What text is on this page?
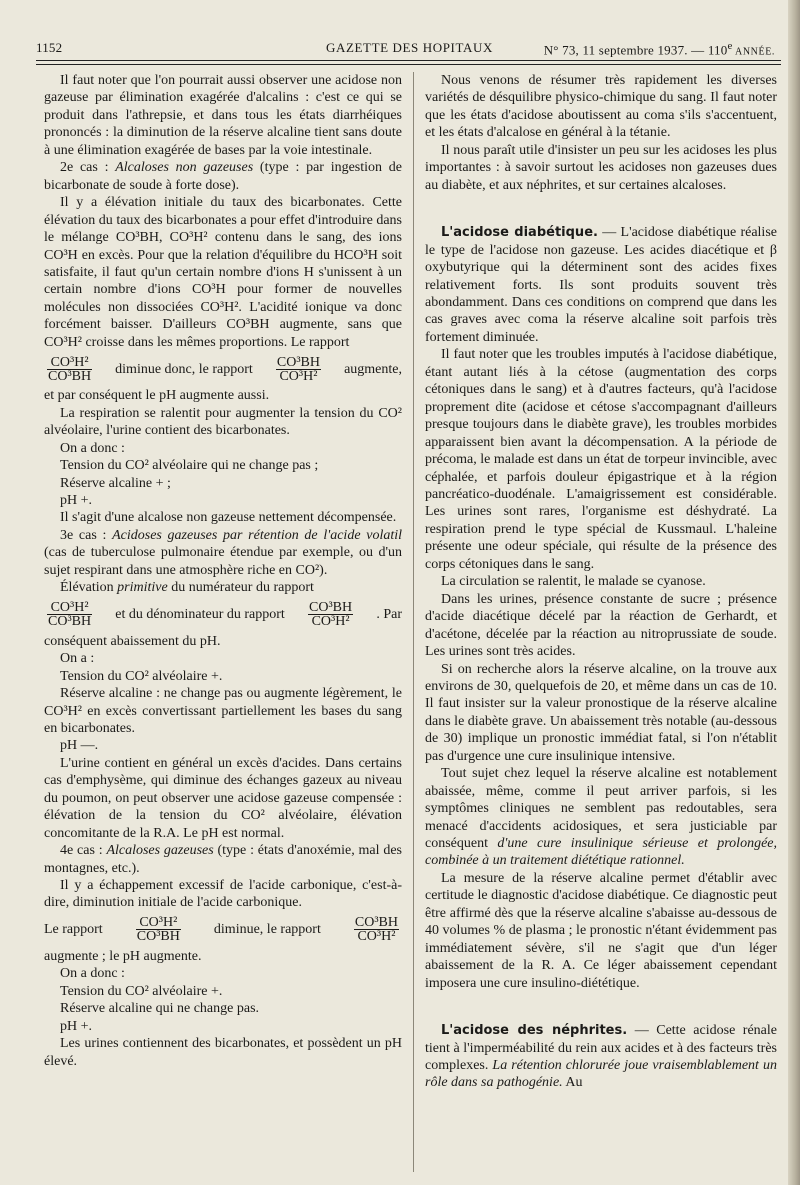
1152	GAZETTE DES HOPITAUX	N° 73, 11 septembre 1937. — 110e ANNÉE.

Il faut noter que l'on pourrait aussi observer une acidose non gazeuse par élimination exagérée d'alcalins : c'est ce qui se produit dans l'athrepsie, et dans tous les états diarrhéiques prononcés : la diminution de la réserve alcaline tient sans doute à une élimination exagérée de bases par la voie intestinale.

2e cas : Alcaloses non gazeuses (type : par ingestion de bicarbonate de soude à forte dose).

Il y a élévation initiale du taux des bicarbonates. Cette élévation du taux des bicarbonates a pour effet d'introduire dans le mélange CO³BH, CO³H² contenu dans le sang, des ions CO³H en excès. Pour que la relation d'équilibre du HCO³H soit satisfaite, il faut qu'un certain nombre d'ions H s'unissent à un certain nombre d'ions CO³H pour former de nouvelles molécules non dissociées CO³H². L'acidité ionique va donc forcément baisser. D'ailleurs CO³BH augmente, sans que CO³H² croisse dans les mêmes proportions. Le rapport

$\frac{\text{CO³H²}}{\text{CO³BH}}$ diminue donc, le rapport $\frac{\text{CO³BH}}{\text{CO³H²}}$ augmente,

et par conséquent le pH augmente aussi.

La respiration se ralentit pour augmenter la tension du CO² alvéolaire, l'urine contient des bicarbonates.

On a donc :

Tension du CO² alvéolaire qui ne change pas ;

Réserve alcaline + ;

pH +.

Il s'agit d'une alcalose non gazeuse nettement décompensée.

3e cas : Acidoses gazeuses par rétention de l'acide volatil (cas de tuberculose pulmonaire étendue par exemple, ou d'un sujet respirant dans une atmosphère riche en CO²).

Élévation primitive du numérateur du rapport

$\frac{\text{CO³H²}}{\text{CO³BH}}$ et du dénominateur du rapport $\frac{\text{CO³BH}}{\text{CO³H²}}$ . Par

conséquent abaissement du pH.

On a :

Tension du CO² alvéolaire +.

Réserve alcaline : ne change pas ou augmente légèrement, le CO³H² en excès convertissant partiellement les bases du sang en bicarbonates.

pH —.

L'urine contient en général un excès d'acides. Dans certains cas d'emphysème, qui diminue des échanges gazeux au niveau du poumon, on peut observer une acidose gazeuse compensée : élévation de la tension du CO² alvéolaire, élévation concomitante de la R.A. Le pH est normal.

4e cas : Alcaloses gazeuses (type : états d'anoxémie, mal des montagnes, etc.).

Il y a échappement excessif de l'acide carbonique, c'est-à-dire, diminution initiale de l'acide carbonique.

Le rapport $\frac{\text{CO³H²}}{\text{CO³BH}}$ diminue, le rapport $\frac{\text{CO³BH}}{\text{CO³H²}}$

augmente ; le pH augmente.

On a donc :

Tension du CO² alvéolaire +.

Réserve alcaline qui ne change pas.

pH +.

Les urines contiennent des bicarbonates, et possèdent un pH élevé.

Nous venons de résumer très rapidement les diverses variétés de désquilibre physico-chimique du sang. Il faut noter que les états d'acidose aboutissent au coma s'ils s'accentuent, et les états d'alcalose en général à la tétanie.

Il nous paraît utile d'insister un peu sur les acidoses les plus importantes : à savoir surtout les acidoses non gazeuses dues au diabète, et aux néphrites, et sur certaines alcaloses.

L'acidose diabétique. — L'acidose diabétique réalise le type de l'acidose non gazeuse. Les acides diacétique et β oxybutyrique qui la déterminent sont des acides fixes relativement forts. Ils sont produits souvent très abondamment. Dans ces conditions on comprend que dans les cas graves avec coma la réserve alcaline soit parfois très fortement diminuée.

Il faut noter que les troubles imputés à l'acidose diabétique, étant autant liés à la cétose (augmentation des corps cétoniques dans le sang) et à d'autres facteurs, qu'à l'acidose proprement dite (acidose et cétose s'accompagnant d'ailleurs presque toujours dans le diabète grave), les troubles morbides apparaissent bien avant la décompensation. A la période de précoma, le malade est dans un état de torpeur invincible, avec céphalée, et parfois douleur épigastrique et à la région pancréatico-duodénale. L'amaigrissement est considérable. Les urines sont rares, l'organisme est déshydraté. La respiration prend le type spécial de Kussmaul. L'haleine présente une odeur spéciale, qui résulte de la présence des corps cétoniques dans le sang.

La circulation se ralentit, le malade se cyanose.

Dans les urines, présence constante de sucre ; présence d'acide diacétique décelé par la réaction de Gerhardt, et d'acétone, décelée par la réaction au nitroprussiate de soude. Les urines sont très acides.

Si on recherche alors la réserve alcaline, on la trouve aux environs de 30, quelquefois de 20, et même dans un cas de 10. Il faut insister sur la valeur pronostique de la réserve alcaline dans le diabète grave. Un abaissement très notable (au-dessous de 30) implique un pronostic immédiat fatal, si l'on n'établit pas d'urgence une cure insulinique intensive.

Tout sujet chez lequel la réserve alcaline est notablement abaissée, même, comme il peut arriver parfois, si les symptômes cliniques ne semblent pas redoutables, sera menacé d'accidents acidosiques, et sera justiciable par conséquent d'une cure insulinique sérieuse et prolongée, combinée à un traitement diététique rationnel.

La mesure de la réserve alcaline permet d'établir avec certitude le diagnostic d'acidose diabétique. Ce diagnostic peut être affirmé dès que la réserve alcaline s'abaisse au-dessous de 40 volumes % de plasma ; le pronostic n'étant évidemment pas immédiatement sévère, s'il ne s'agit que d'un léger abaissement de la R. A. Ce léger abaissement cependant imposera une cure insulino-diététique.

L'acidose des néphrites. — Cette acidose rénale tient à l'imperméabilité du rein aux acides et à des facteurs très complexes. La rétention chlorurée joue vraisemblablement un rôle dans sa pathogénie. Au
